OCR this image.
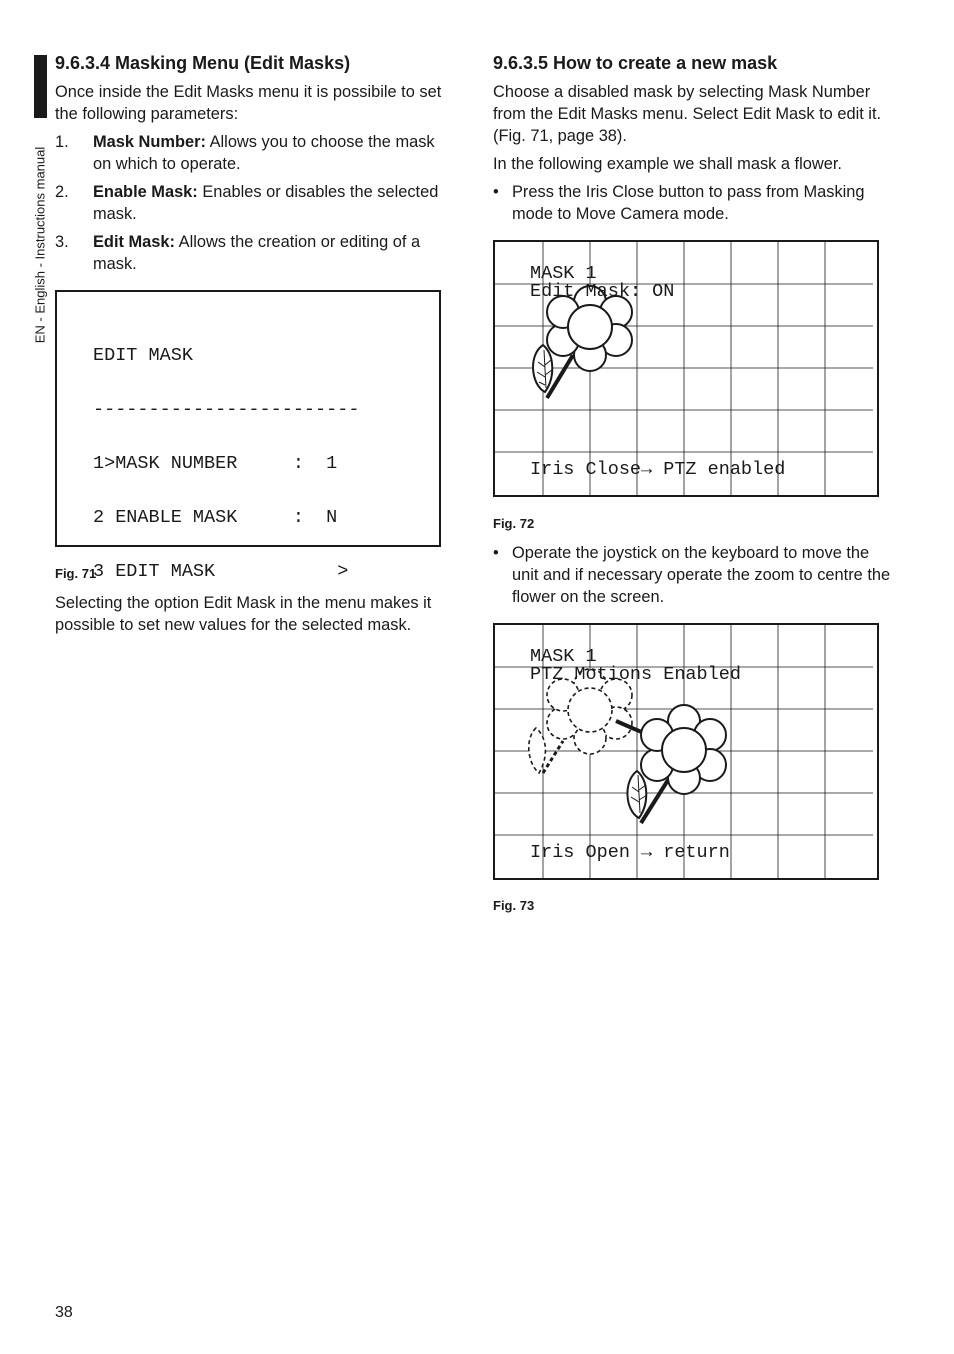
EN - English - Instructions manual
9.6.3.4 Masking Menu (Edit Masks)

Once inside the Edit Masks menu it is possibile to set the following parameters:

1. Mask Number: Allows you to choose the mask on which to operate.
2. Enable Mask: Enables or disables the selected mask.
3. Edit Mask: Allows the creation or editing of a mask.

EDIT MASK

------------------------

1>MASK NUMBER     :  1

2 ENABLE MASK     :  N

3 EDIT MASK           >

Fig. 71

Selecting the option Edit Mask in the menu makes it possible to set new values for the selected mask.

9.6.3.5 How to create a new mask

Choose a disabled mask by selecting Mask Number from the Edit Masks menu. Select Edit Mask to edit it. (Fig. 71, page 38).

In the following example we shall mask a flower.

• Press the Iris Close button to pass from Masking mode to Move Camera mode.
MASK 1
Edit Mask: ON
Iris Close→ PTZ enabled
Fig. 72
• Operate the joystick on the keyboard to move the unit and if necessary operate the zoom to centre the flower on the screen.
MASK 1
PTZ Motions Enabled
Iris Open → return
Fig. 73
38
